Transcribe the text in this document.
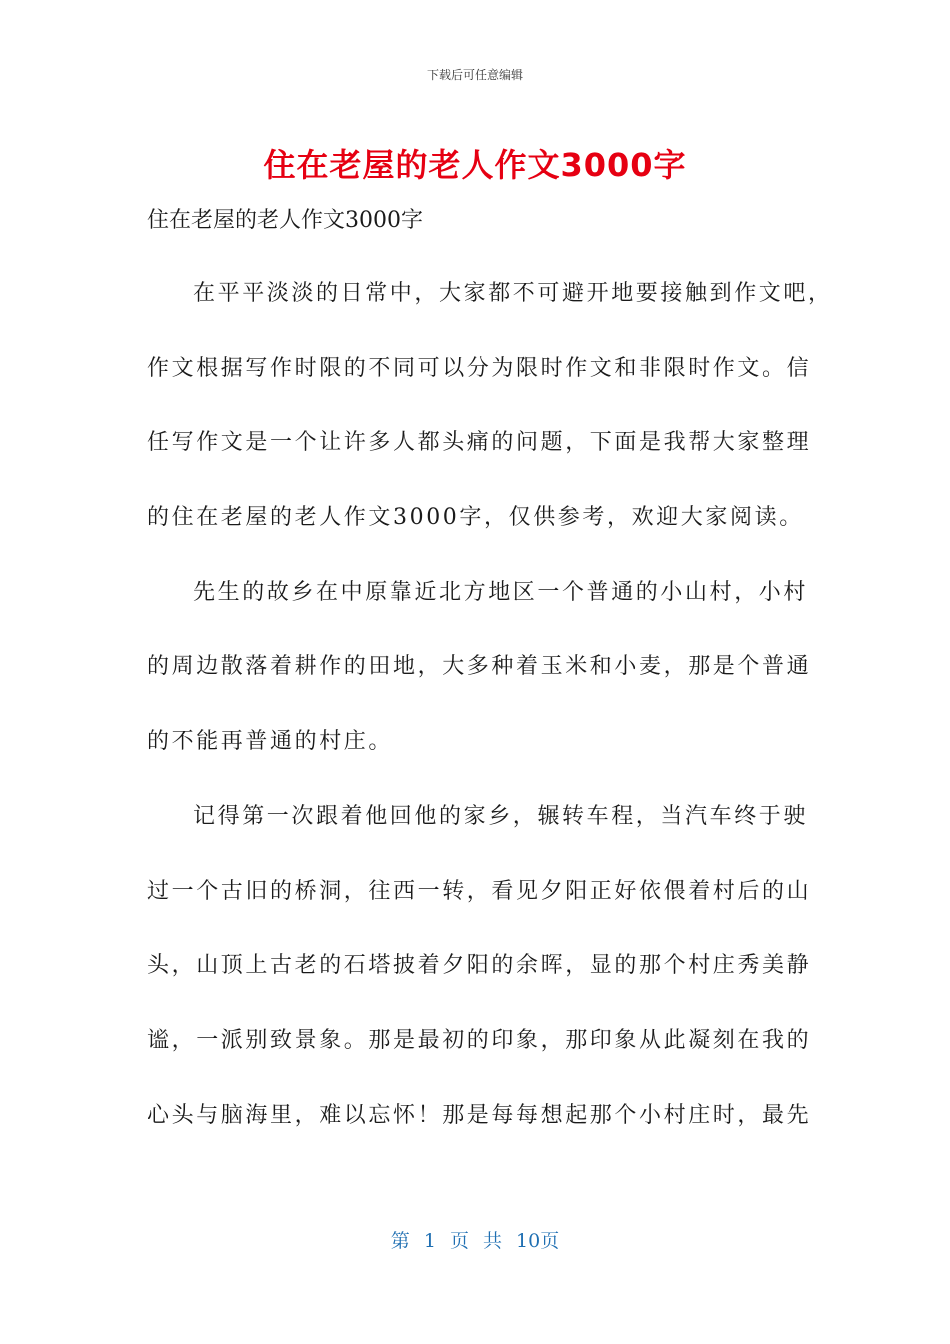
下载后可任意编辑
住在老屋的老人作文3000字
住在老屋的老人作文3000字
在平平淡淡的日常中，大家都不可避开地要接触到作文吧，
作文根据写作时限的不同可以分为限时作文和非限时作文。信
任写作文是一个让许多人都头痛的问题，下面是我帮大家整理
的住在老屋的老人作文3000字，仅供参考，欢迎大家阅读。
先生的故乡在中原靠近北方地区一个普通的小山村，小村
的周边散落着耕作的田地，大多种着玉米和小麦，那是个普通
的不能再普通的村庄。
记得第一次跟着他回他的家乡，辗转车程，当汽车终于驶
过一个古旧的桥洞，往西一转，看见夕阳正好依偎着村后的山
头，山顶上古老的石塔披着夕阳的余晖，显的那个村庄秀美静
谧，一派别致景象。那是最初的印象，那印象从此凝刻在我的
心头与脑海里，难以忘怀！那是每每想起那个小村庄时，最先
第 1 页 共 10页
